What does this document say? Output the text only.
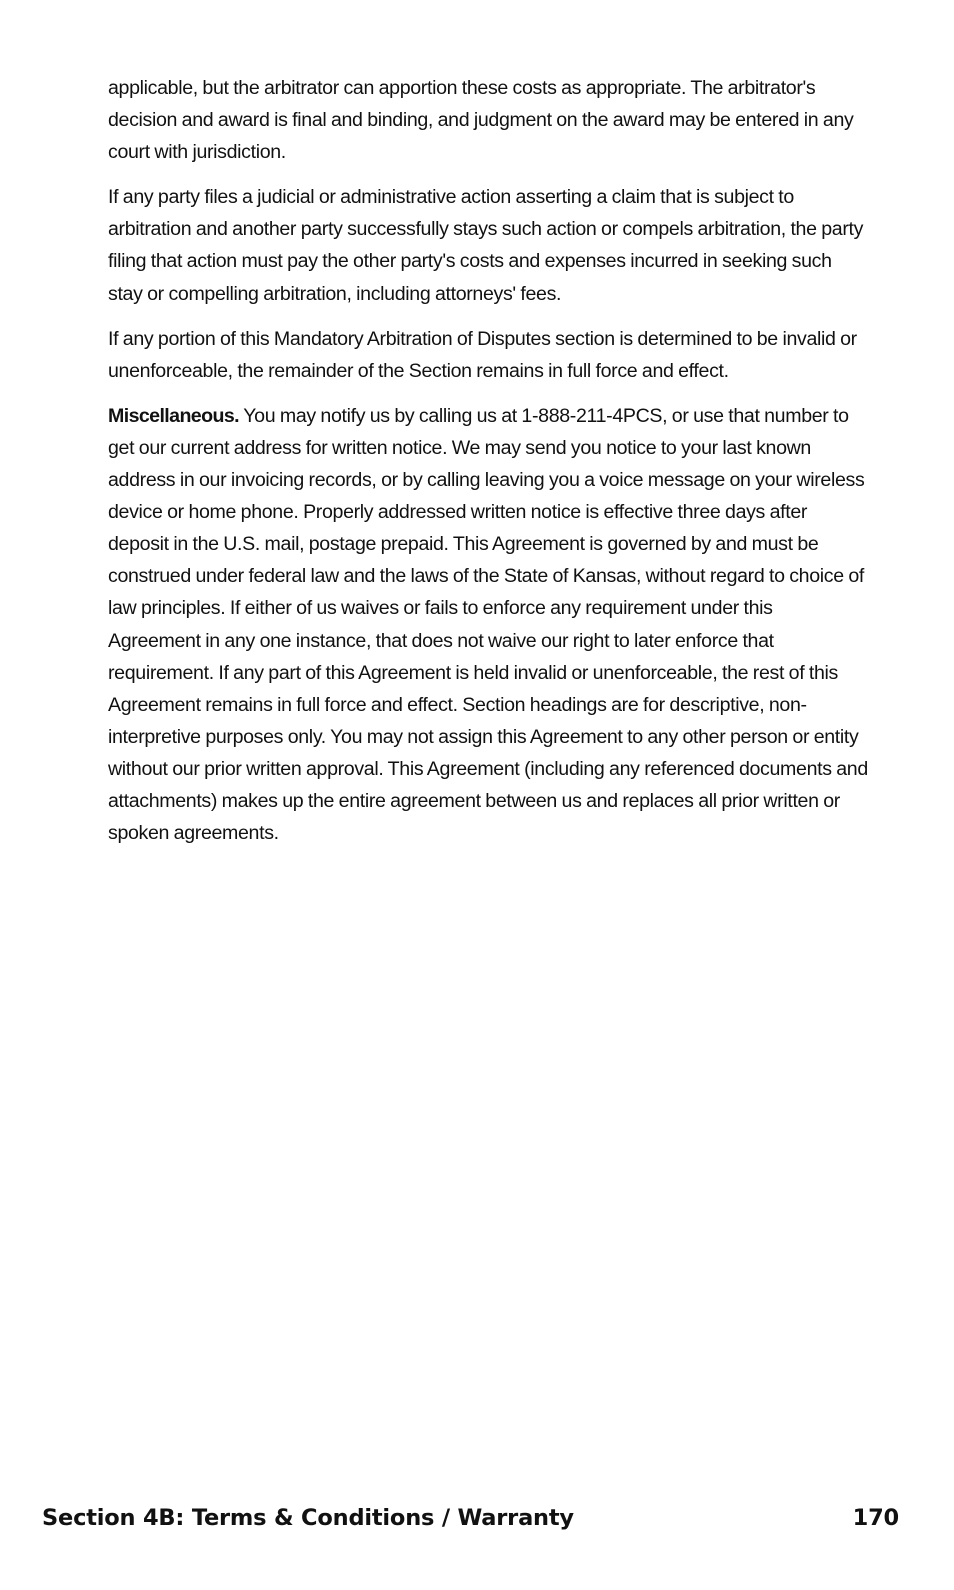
applicable, but the arbitrator can apportion these costs as appropriate. The arbitrator's decision and award is final and binding, and judgment on the award may be entered in any court with jurisdiction.

If any party files a judicial or administrative action asserting a claim that is subject to arbitration and another party successfully stays such action or compels arbitration, the party filing that action must pay the other party's costs and expenses incurred in seeking such stay or compelling arbitration, including attorneys' fees.

If any portion of this Mandatory Arbitration of Disputes section is determined to be invalid or unenforceable, the remainder of the Section remains in full force and effect.

Miscellaneous. You may notify us by calling us at 1-888-211-4PCS, or use that number to get our current address for written notice. We may send you notice to your last known address in our invoicing records, or by calling leaving you a voice message on your wireless device or home phone. Properly addressed written notice is effective three days after deposit in the U.S. mail, postage prepaid. This Agreement is governed by and must be construed under federal law and the laws of the State of Kansas, without regard to choice of law principles. If either of us waives or fails to enforce any requirement under this Agreement in any one instance, that does not waive our right to later enforce that requirement. If any part of this Agreement is held invalid or unenforceable, the rest of this Agreement remains in full force and effect. Section headings are for descriptive, non-interpretive purposes only. You may not assign this Agreement to any other person or entity without our prior written approval. This Agreement (including any referenced documents and attachments) makes up the entire agreement between us and replaces all prior written or spoken agreements.

Section 4B: Terms & Conditions / Warranty	170
